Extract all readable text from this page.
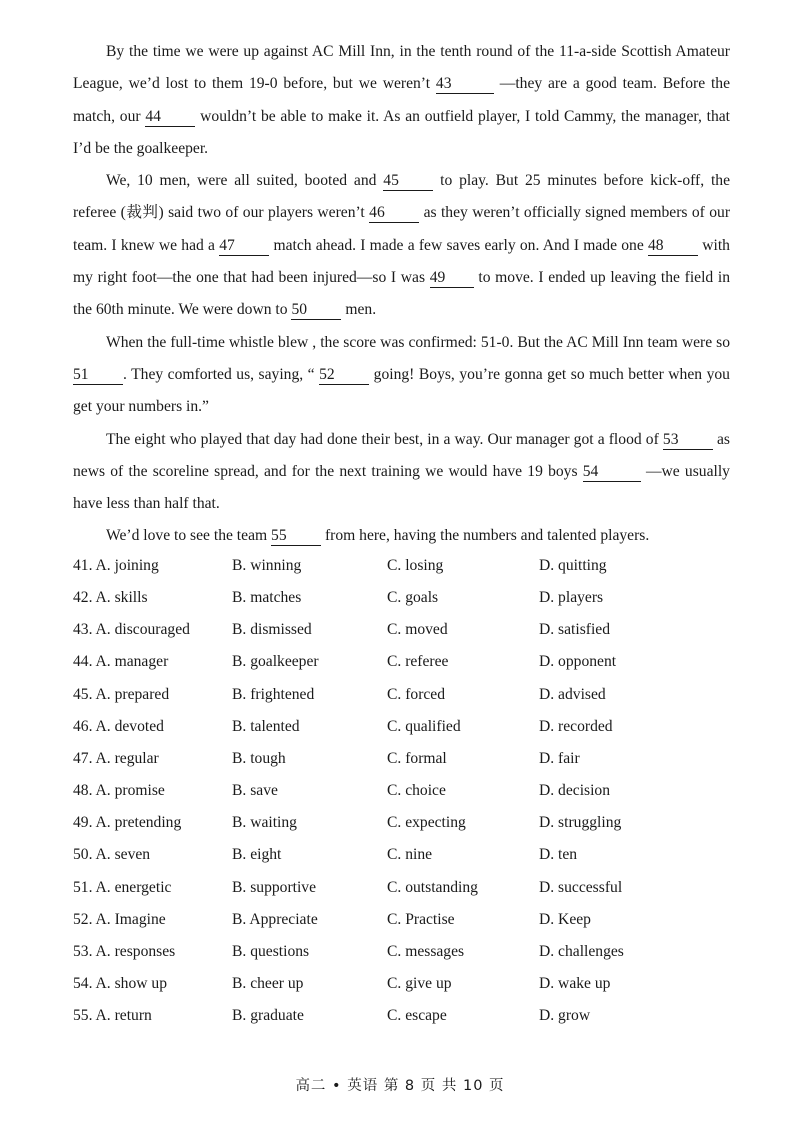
By the time we were up against AC Mill Inn, in the tenth round of the 11-a-side Scottish Amateur League, we’d lost to them 19-0 before, but we weren’t 43	—they are a good team. Before the match, our 44	wouldn’t be able to make it. As an outfield player, I told Cammy, the manager, that I’d be the goalkeeper.

We, 10 men, were all suited, booted and 45	to play. But 25 minutes before kick-off, the referee (裁判) said two of our players weren’t 46 as they weren’t officially signed members of our team. I knew we had a 47 match ahead. I made a few saves early on. And I made one 48 with my right foot—the one that had been injured—so I was 49 to move. I ended up leaving the field in the 60th minute. We were down to 50 men.

When the full-time whistle blew , the score was confirmed: 51-0. But the AC Mill Inn team were so 51 . They comforted us, saying, “ 52 going! Boys, you’re gonna get so much better when you get your numbers in.”

The eight who played that day had done their best, in a way. Our manager got a flood of 53 as news of the scoreline spread, and for the next training we would have 19 boys 54	—we usually have less than half that.

We’d love to see the team 55 from here, having the numbers and talented players.

41. A. joining	B. winning	C. losing	D. quitting
42. A. skills	B. matches	C. goals	D. players
43. A. discouraged	B. dismissed	C. moved	D. satisfied
44. A. manager	B. goalkeeper	C. referee	D. opponent
45. A. prepared	B. frightened	C. forced	D. advised
46. A. devoted	B. talented	C. qualified	D. recorded
47. A. regular	B. tough	C. formal	D. fair
48. A. promise	B. save	C. choice	D. decision
49. A. pretending	B. waiting	C. expecting	D. struggling
50. A. seven	B. eight	C. nine	D. ten
51. A. energetic	B. supportive	C. outstanding	D. successful
52. A. Imagine	B. Appreciate	C. Practise	D. Keep
53. A. responses	B. questions	C. messages	D. challenges
54. A. show up	B. cheer up	C. give up	D. wake up
55. A. return	B. graduate	C. escape	D. grow
高二 • 英语 第 8 页 共 10 页
